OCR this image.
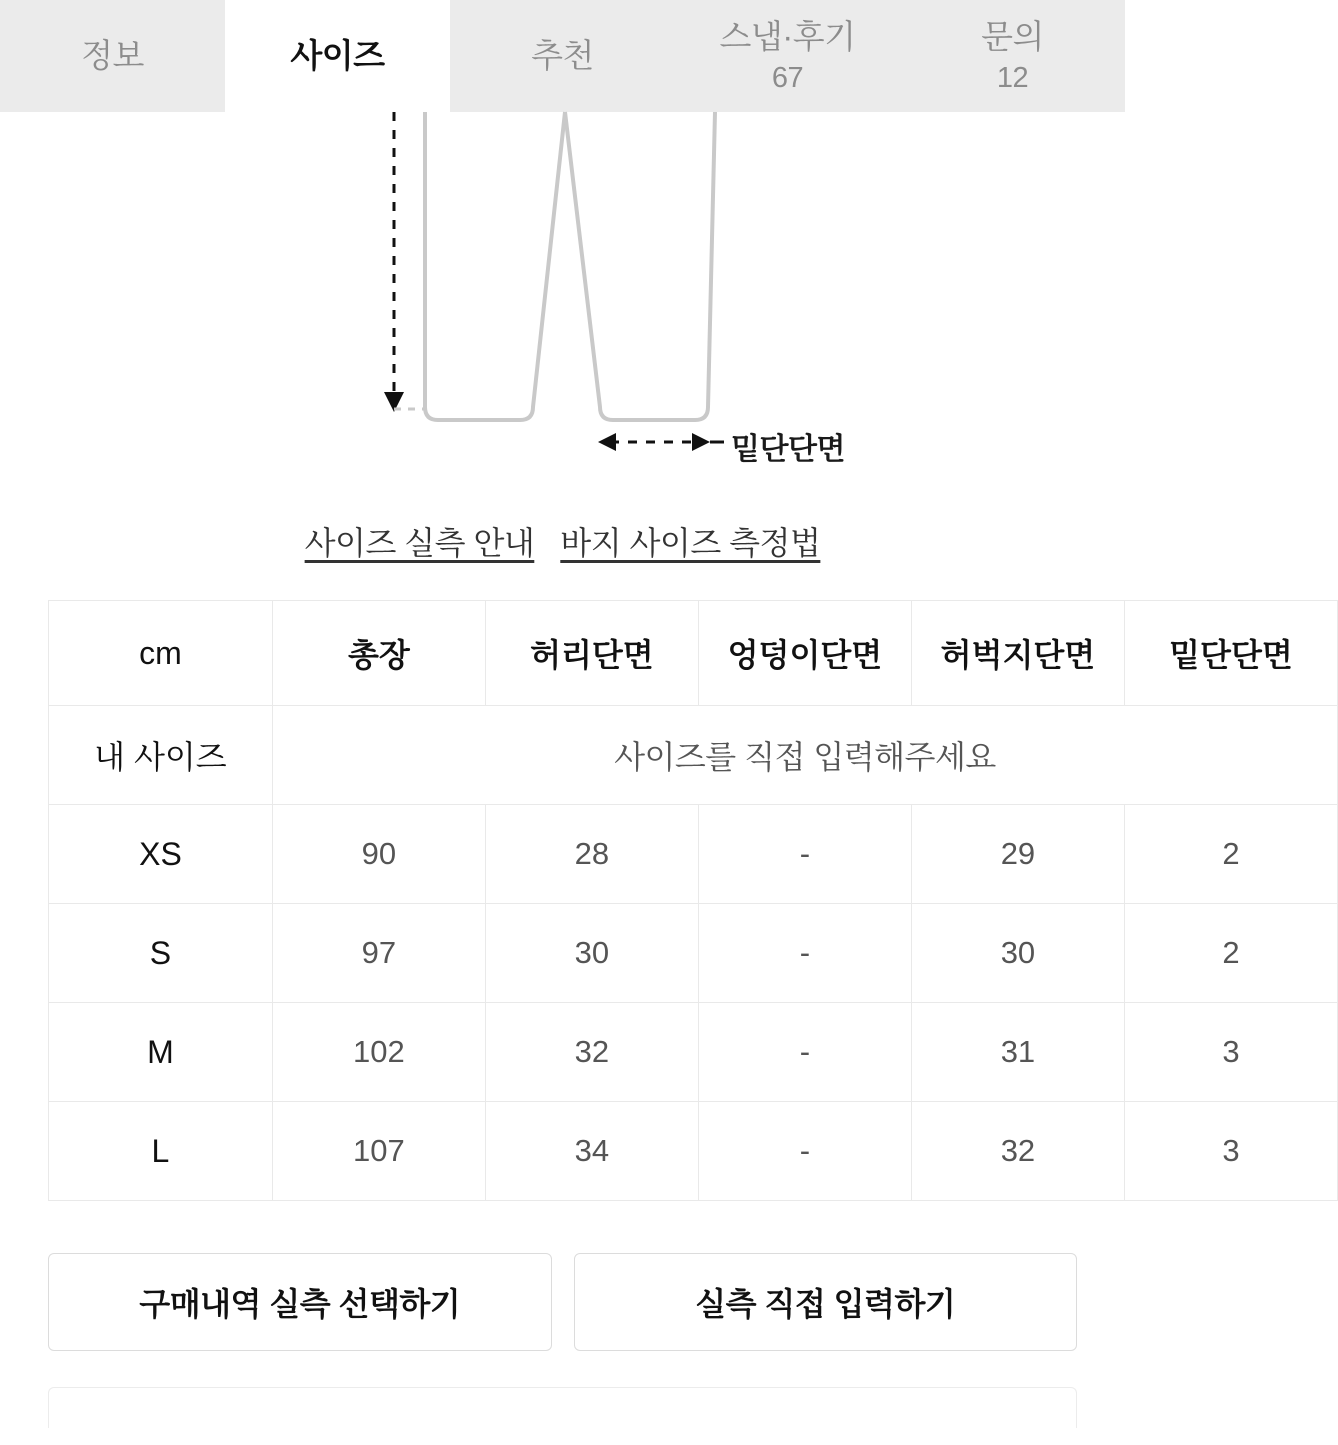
정보	사이즈	추천
스냅·후기
67
문의
12
밑단단면
사이즈 실측 안내 바지 사이즈 측정법
cm	총장	허리단면	엉덩이단면	허벅지단면	밑단단면
내 사이즈	사이즈를 직접 입력해주세요				
XS	90	28	-	29	2
S	97	30	-	30	2
M	102	32	-	31	3
L	107	34	-	32	3
구매내역 실측 선택하기	실측 직접 입력하기
